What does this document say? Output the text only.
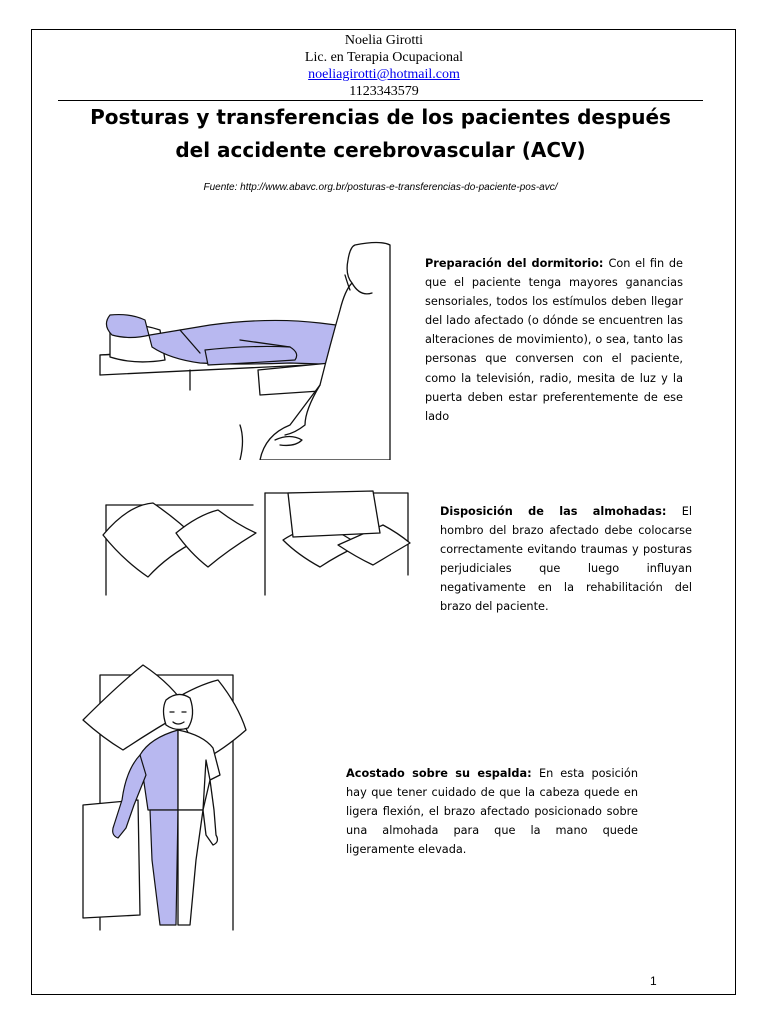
Noelia Girotti
Lic. en Terapia Ocupacional
noeliagirotti@hotmail.com
1123343579
Posturas y transferencias de los pacientes después
del accidente cerebrovascular (ACV)
Fuente: http://www.abavc.org.br/posturas-e-transferencias-do-paciente-pos-avc/
Preparación del dormitorio: Con el fin de que el paciente tenga mayores ganancias sensoriales, todos los estímulos deben llegar del lado afectado (o dónde se encuentren las alteraciones de movimiento), o sea, tanto las personas que conversen con el paciente, como la televisión, radio, mesita de luz y la puerta deben estar preferentemente de ese lado
Disposición de las almohadas: El hombro del brazo afectado debe colocarse correctamente evitando traumas y posturas perjudiciales que luego influyan negativamente en la rehabilitación del brazo del paciente.
Acostado sobre su espalda: En esta posición hay que tener cuidado de que la cabeza quede en ligera flexión, el brazo afectado posicionado sobre una almohada para que la mano quede ligeramente elevada.
1
